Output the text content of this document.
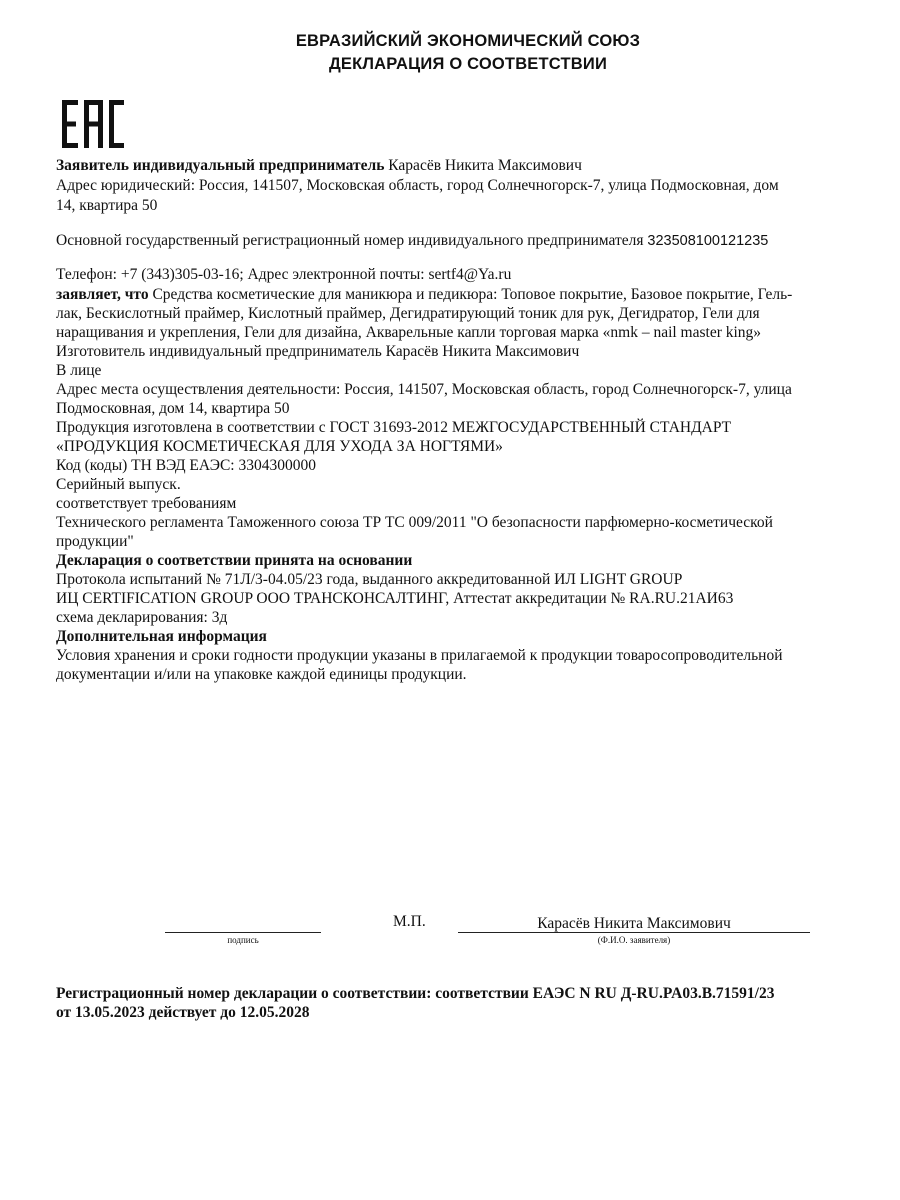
ЕВРАЗИЙСКИЙ ЭКОНОМИЧЕСКИЙ СОЮЗ
ДЕКЛАРАЦИЯ О СООТВЕТСТВИИ
Заявитель индивидуальный предприниматель Карасёв Никита Максимович
Адрес юридический: Россия, 141507, Московская область, город Солнечногорск-7, улица Подмосковная, дом
14, квартира 50
Основной государственный регистрационный номер индивидуального предпринимателя 323508100121235
Телефон: +7 (343)305-03-16; Адрес электронной почты: sertf4@Ya.ru
заявляет, что Средства косметические для маникюра и педикюра: Топовое покрытие, Базовое покрытие, Гель-
лак, Бескислотный праймер, Кислотный праймер, Дегидратирующий тоник для рук, Дегидратор, Гели для
наращивания и укрепления, Гели для дизайна, Акварельные капли торговая марка «nmk – nail master king»
Изготовитель индивидуальный предприниматель Карасёв Никита Максимович
В лице
Адрес места осуществления деятельности: Россия, 141507, Московская область, город Солнечногорск-7, улица
Подмосковная, дом 14, квартира 50
Продукция изготовлена в соответствии с ГОСТ 31693-2012 МЕЖГОСУДАРСТВЕННЫЙ СТАНДАРТ
«ПРОДУКЦИЯ КОСМЕТИЧЕСКАЯ ДЛЯ УХОДА ЗА НОГТЯМИ»
Код (коды) ТН ВЭД ЕАЭС: 3304300000
Серийный выпуск.
соответствует требованиям
Технического регламента Таможенного союза ТР ТС 009/2011 "О безопасности парфюмерно-косметической
продукции"
Декларация о соответствии принята на основании
Протокола испытаний № 71Л/3-04.05/23 года, выданного аккредитованной ИЛ LIGHT GROUP
ИЦ CERTIFICATION GROUP ООО ТРАНСКОНСАЛТИНГ, Аттестат аккредитации № RA.RU.21АИ63
схема декларирования: 3д
Дополнительная информация
Условия хранения и сроки годности продукции указаны в прилагаемой к продукции товаросопроводительной
документации и/или на упаковке каждой единицы продукции.
подпись
М.П.	Карасёв Никита Максимович
(Ф.И.О. заявителя)
Регистрационный номер декларации о соответствии: соответствии ЕАЭС N RU Д-RU.PA03.B.71591/23
от 13.05.2023 действует до 12.05.2028
